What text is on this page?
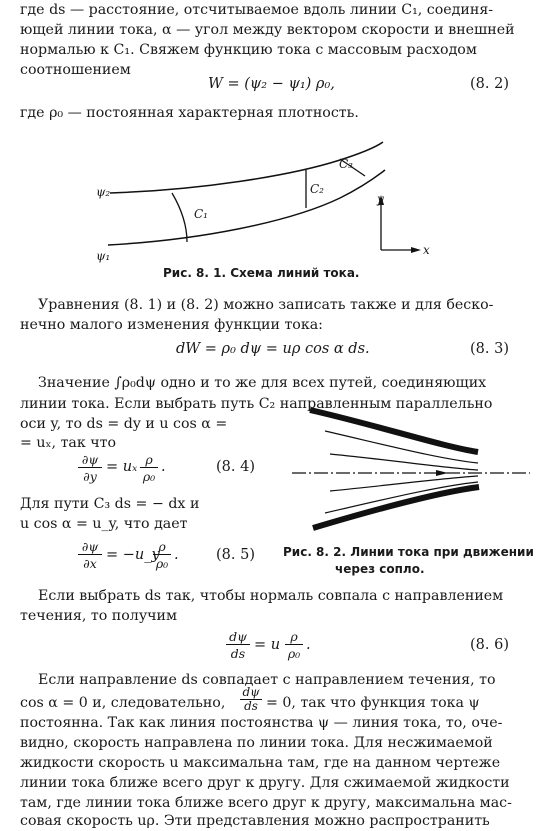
где ds — расстояние, отсчитываемое вдоль линии C₁, соединя-
ющей линии тока, α — угол между вектором скорости и внешней
нормалью к C₁. Свяжем функцию тока с массовым расходом
соотношением
W = (ψ₂ − ψ₁) ρ₀,	(8. 2)
где ρ₀ — постоянная характерная плотность.
ψ₂
ψ₁
C₁
C₂
C₃
y
x
Рис. 8. 1. Схема линий тока.
Уравнения (8. 1) и (8. 2) можно записать также и для беско-
нечно малого изменения функции тока:
dW = ρ₀ dψ = uρ cos α ds.	(8. 3)
Значение ∫ρ₀dψ одно и то же для всех путей, соединяющих
линии тока. Если выбрать путь C₂ направленным параллельно
оси y, то ds = dy и u cos α =
= uₓ, так что
∂ψ
∂y
= uₓ ρ
ρ₀
.	(8. 4)
Для пути C₃ ds = − dx и
u cos α = u_y, что дает
∂ψ
∂x
= −u_y
ρ
ρ₀
.	(8. 5) Рис. 8. 2. Линии тока при движении
через сопло.
Если выбрать ds так, чтобы нормаль совпала с направлением
течения, то получим
dψ
ds
= u
ρ
ρ₀
.	(8. 6)
Если направление ds совпадает с направлением течения, то
cos α = 0 и, следовательно,
dψ
ds = 0, так что функция тока ψ
постоянна. Так как линия постоянства ψ — линия тока, то, оче-
видно, скорость направлена по линии тока. Для несжимаемой
жидкости скорость u максимальна там, где на данном чертеже
линии тока ближе всего друг к другу. Для сжимаемой жидкости
там, где линии тока ближе всего друг к другу, максимальна мас-
совая скорость uρ. Эти представления можно распространить
